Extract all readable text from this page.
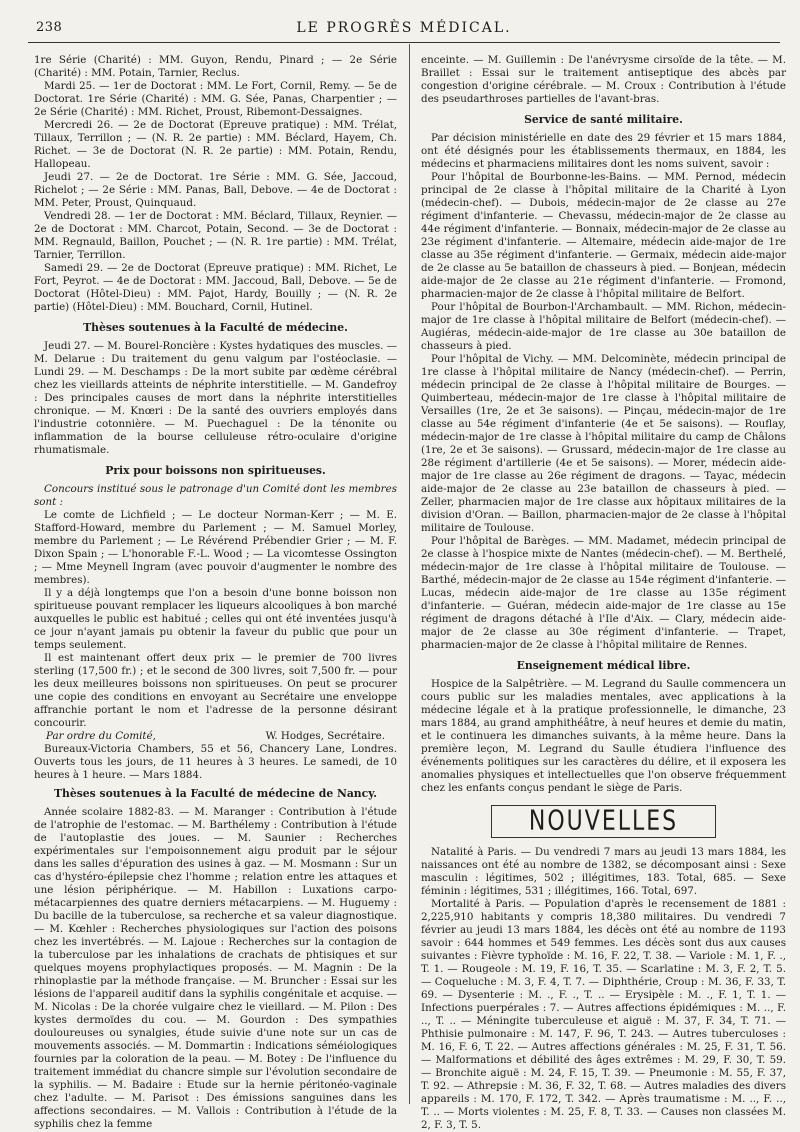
238	LE PROGRÈS MÉDICAL.

1re Série (Charité) : MM. Guyon, Rendu, Pinard ; — 2e Série (Charité) : MM. Potain, Tarnier, Reclus.

Mardi 25. — 1er de Doctorat : MM. Le Fort, Cornil, Remy. — 5e de Doctorat. 1re Série (Charité) : MM. G. Sée, Panas, Charpentier ; — 2e Série (Charité) : MM. Richet, Proust, Ribemont-Dessaignes.

Mercredi 26. — 2e de Doctorat (Epreuve pratique) : MM. Trélat, Tillaux, Terrillon ; — (N. R. 2e partie) : MM. Béclard, Hayem, Ch. Richet. — 3e de Doctorat (N. R. 2e partie) : MM. Potain, Rendu, Hallopeau.

Jeudi 27. — 2e de Doctorat. 1re Série : MM. G. Sée, Jaccoud, Richelot ; — 2e Série : MM. Panas, Ball, Debove. — 4e de Doctorat : MM. Peter, Proust, Quinquaud.

Vendredi 28. — 1er de Doctorat : MM. Béclard, Tillaux, Reynier. — 2e de Doctorat : MM. Charcot, Potain, Second. — 3e de Doctorat : MM. Regnauld, Baillon, Pouchet ; — (N. R. 1re partie) : MM. Trélat, Tarnier, Terrillon.

Samedi 29. — 2e de Doctorat (Epreuve pratique) : MM. Richet, Le Fort, Peyrot. — 4e de Doctorat : MM. Jaccoud, Ball, Debove. — 5e de Doctorat (Hôtel-Dieu) : MM. Pajot, Hardy, Bouilly ; — (N. R. 2e partie) (Hôtel-Dieu) : MM. Bouchard, Cornil, Hutinel.

Thèses soutenues à la Faculté de médecine.

Jeudi 27. — M. Bourel-Roncière : Kystes hydatiques des muscles. — M. Delarue : Du traitement du genu valgum par l'ostéoclasie. — Lundi 29. — M. Deschamps : De la mort subite par œdème cérébral chez les vieillards atteints de néphrite interstitielle. — M. Gandefroy : Des principales causes de mort dans la néphrite interstitielles chronique. — M. Knœri : De la santé des ouvriers employés dans l'industrie cotonnière. — M. Puechaguel : De la ténonite ou inflammation de la bourse celluleuse rétro-oculaire d'origine rhumatismale.

Prix pour boissons non spiritueuses.

Concours institué sous le patronage d'un Comité dont les membres sont :

Le comte de Lichfield ; — Le docteur Norman-Kerr ; — M. E. Stafford-Howard, membre du Parlement ; — M. Samuel Morley, membre du Parlement ; — Le Révérend Prébendier Grier ; — M. F. Dixon Spain ; — L'honorable F.-L. Wood ; — La vicomtesse Ossington ; — Mme Meynell Ingram (avec pouvoir d'augmenter le nombre des membres).

Il y a déjà longtemps que l'on a besoin d'une bonne boisson non spiritueuse pouvant remplacer les liqueurs alcooliques à bon marché auxquelles le public est habitué ; celles qui ont été inventées jusqu'à ce jour n'ayant jamais pu obtenir la faveur du public que pour un temps seulement.

Il est maintenant offert deux prix — le premier de 700 livres sterling (17,500 fr.) ; et le second de 300 livres, soit 7,500 fr. — pour les deux meilleures boissons non spiritueuses. On peut se procurer une copie des conditions en envoyant au Secrétaire une enveloppe affranchie portant le nom et l'adresse de la personne désirant concourir.

Par ordre du Comité,	W. Hodges, Secrétaire.

Bureaux-Victoria Chambers, 55 et 56, Chancery Lane, Londres. Ouverts tous les jours, de 11 heures à 3 heures. Le samedi, de 10 heures à 1 heure. — Mars 1884.

Thèses soutenues à la Faculté de médecine de Nancy.

Année scolaire 1882-83. — M. Maranger : Contribution à l'étude de l'atrophie de l'estomac. — M. Barthélemy : Contribution à l'étude de l'autoplastie des joues. — M. Saunier : Recherches expérimentales sur l'empoisonnement aigu produit par le séjour dans les salles d'épuration des usines à gaz. — M. Mosmann : Sur un cas d'hystéro-épilepsie chez l'homme ; relation entre les attaques et une lésion périphérique. — M. Habillon : Luxations carpo-métacarpiennes des quatre derniers métacarpiens. — M. Huguemy : Du bacille de la tuberculose, sa recherche et sa valeur diagnostique. — M. Kœhler : Recherches physiologiques sur l'action des poisons chez les invertébrés. — M. Lajoue : Recherches sur la contagion de la tuberculose par les inhalations de crachats de phtisiques et sur quelques moyens prophylactiques proposés. — M. Magnin : De la rhinoplastie par la méthode française. — M. Bruncher : Essai sur les lésions de l'appareil auditif dans la syphilis congénitale et acquise. — M. Nicolas : De la chorée vulgaire chez le vieillard. — M. Pilon : Des kystes dermoïdes du cou. — M. Gourdon : Des sympathies douloureuses ou synalgies, étude suivie d'une note sur un cas de mouvements associés. — M. Dommartin : Indications séméiologiques fournies par la coloration de la peau. — M. Botey : De l'influence du traitement immédiat du chancre simple sur l'évolution secondaire de la syphilis. — M. Badaire : Etude sur la hernie péritonéo-vaginale chez l'adulte. — M. Parisot : Des émissions sanguines dans les affections secondaires. — M. Vallois : Contribution à l'étude de la syphilis chez la femme

enceinte. — M. Guillemin : De l'anévrysme cirsoïde de la tête. — M. Braillet : Essai sur le traitement antiseptique des abcès par congestion d'origine cérébrale. — M. Croux : Contribution à l'étude des pseudarthroses partielles de l'avant-bras.

Service de santé militaire.

Par décision ministérielle en date des 29 février et 15 mars 1884, ont été désignés pour les établissements thermaux, en 1884, les médecins et pharmaciens militaires dont les noms suivent, savoir :

Pour l'hôpital de Bourbonne-les-Bains. — MM. Pernod, médecin principal de 2e classe à l'hôpital militaire de la Charité à Lyon (médecin-chef). — Dubois, médecin-major de 2e classe au 27e régiment d'infanterie. — Chevassu, médecin-major de 2e classe au 44e régiment d'infanterie. — Bonnaix, médecin-major de 2e classe au 23e régiment d'infanterie. — Altemaire, médecin aide-major de 1re classe au 35e régiment d'infanterie. — Germaix, médecin aide-major de 2e classe au 5e bataillon de chasseurs à pied. — Bonjean, médecin aide-major de 2e classe au 21e régiment d'infanterie. — Fromond, pharmacien-major de 2e classe à l'hôpital militaire de Belfort.

Pour l'hôpital de Bourbon-l'Archambault. — MM. Richon, médecin-major de 1re classe à l'hôpital militaire de Belfort (médecin-chef). — Augiéras, médecin-aide-major de 1re classe au 30e bataillon de chasseurs à pied.

Pour l'hôpital de Vichy. — MM. Delcominète, médecin principal de 1re classe à l'hôpital militaire de Nancy (médecin-chef). — Perrin, médecin principal de 2e classe à l'hôpital militaire de Bourges. — Quimberteau, médecin-major de 1re classe à l'hôpital militaire de Versailles (1re, 2e et 3e saisons). — Pinçau, médecin-major de 1re classe au 54e régiment d'infanterie (4e et 5e saisons). — Rouflay, médecin-major de 1re classe à l'hôpital militaire du camp de Châlons (1re, 2e et 3e saisons). — Grussard, médecin-major de 1re classe au 28e régiment d'artillerie (4e et 5e saisons). — Morer, médecin aide-major de 1re classe au 26e régiment de dragons. — Tayac, médecin aide-major de 2e classe au 23e bataillon de chasseurs à pied. — Zeller, pharmacien major de 1re classe aux hôpitaux militaires de la division d'Oran. — Baillon, pharmacien-major de 2e classe à l'hôpital militaire de Toulouse.

Pour l'hôpital de Barèges. — MM. Madamet, médecin principal de 2e classe à l'hospice mixte de Nantes (médecin-chef). — M. Berthelé, médecin-major de 1re classe à l'hôpital militaire de Toulouse. — Barthé, médecin-major de 2e classe au 154e régiment d'infanterie. — Lucas, médecin aide-major de 1re classe au 135e régiment d'infanterie. — Guéran, médecin aide-major de 1re classe au 15e régiment de dragons détaché à l'Ile d'Aix. — Clary, médecin aide-major de 2e classe au 30e régiment d'infanterie. — Trapet, pharmacien-major de 2e classe à l'hôpital militaire de Rennes.

Enseignement médical libre.

Hospice de la Salpêtrière. — M. Legrand du Saulle commencera un cours public sur les maladies mentales, avec applications à la médecine légale et à la pratique professionnelle, le dimanche, 23 mars 1884, au grand amphithéâtre, à neuf heures et demie du matin, et le continuera les dimanches suivants, à la même heure. Dans la première leçon, M. Legrand du Saulle étudiera l'influence des événements politiques sur les caractères du délire, et il exposera les anomalies physiques et intellectuelles que l'on observe fréquemment chez les enfants conçus pendant le siège de Paris.

NOUVELLES

Natalité à Paris. — Du vendredi 7 mars au jeudi 13 mars 1884, les naissances ont été au nombre de 1382, se décomposant ainsi : Sexe masculin : légitimes, 502 ; illégitimes, 183. Total, 685. — Sexe féminin : légitimes, 531 ; illégitimes, 166. Total, 697.

Mortalité à Paris. — Population d'après le recensement de 1881 : 2,225,910 habitants y compris 18,380 militaires. Du vendredi 7 février au jeudi 13 mars 1884, les décès ont été au nombre de 1193 savoir : 644 hommes et 549 femmes. Les décès sont dus aux causes suivantes : Fièvre typhoïde : M. 16, F. 22, T. 38. — Variole : M. 1, F. ., T. 1. — Rougeole : M. 19, F. 16, T. 35. — Scarlatine : M. 3, F. 2, T. 5. — Coqueluche : M. 3, F. 4, T. 7. — Diphthérie, Croup : M. 36, F. 33, T. 69. — Dysenterie : M. ., F. ., T. .. — Erysipèle : M. ., F. 1, T. 1. — Infections puerpérales : 7. — Autres affections épidémiques : M. .., F. .., T. .. — Méningite tuberculeuse et aiguë : M. 37, F. 34, T. 71. — Phthisie pulmonaire : M. 147, F. 96, T. 243. — Autres tuberculoses : M. 16, F. 6, T. 22. — Autres affections générales : M. 25, F. 31, T. 56. — Malformations et débilité des âges extrêmes : M. 29, F. 30, T. 59. — Bronchite aiguë : M. 24, F. 15, T. 39. — Pneumonie : M. 55, F. 37, T. 92. — Athrepsie : M. 36, F. 32, T. 68. — Autres maladies des divers appareils : M. 170, F. 172, T. 342. — Après traumatisme : M. .., F. .., T. .. — Morts violentes : M. 25, F. 8, T. 33. — Causes non classées M. 2, F. 3, T. 5.
